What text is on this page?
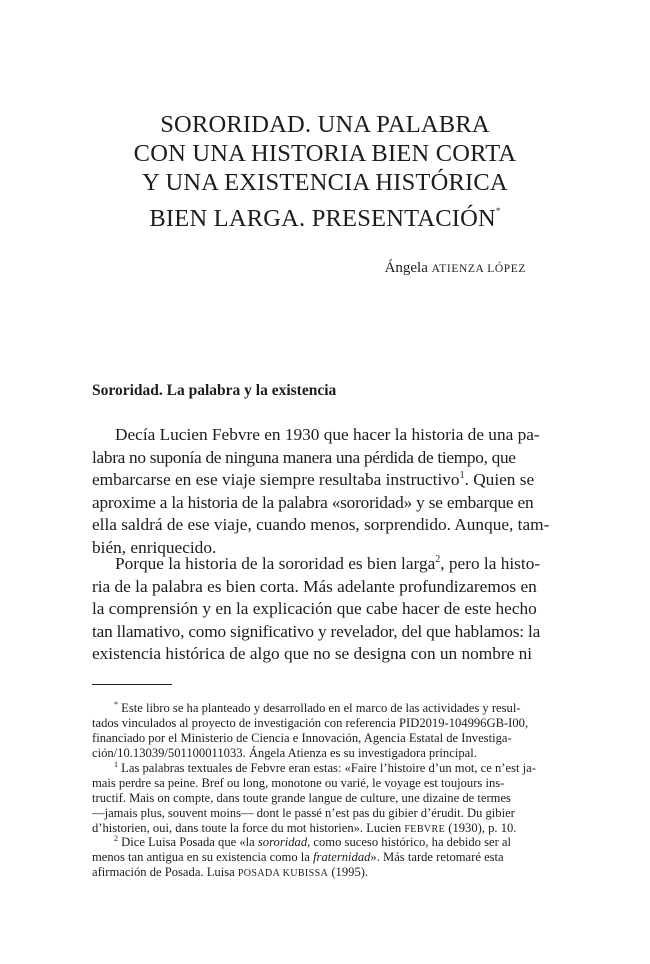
SORORIDAD. UNA PALABRA
CON UNA HISTORIA BIEN CORTA
Y UNA EXISTENCIA HISTÓRICA
BIEN LARGA. PRESENTACIÓN*
Ángela ATIENZA LÓPEZ
Sororidad. La palabra y la existencia
Decía Lucien Febvre en 1930 que hacer la historia de una pa-
labra no suponía de ninguna manera una pérdida de tiempo, que
embarcarse en ese viaje siempre resultaba instructivo$^1$. Quien se
aproxime a la historia de la palabra «sororidad» y se embarque en
ella saldrá de ese viaje, cuando menos, sorprendido. Aunque, tam-
bién, enriquecido.
Porque la historia de la sororidad es bien larga$^2$, pero la histo-
ria de la palabra es bien corta. Más adelante profundizaremos en
la comprensión y en la explicación que cabe hacer de este hecho
tan llamativo, como significativo y revelador, del que hablamos: la
existencia histórica de algo que no se designa con un nombre ni
* Este libro se ha planteado y desarrollado en el marco de las actividades y resul-
tados vinculados al proyecto de investigación con referencia PID2019-104996GB-I00,
financiado por el Ministerio de Ciencia e Innovación, Agencia Estatal de Investiga-
ción/10.13039/501100011033. Ángela Atienza es su investigadora principal.
$^1$ Las palabras textuales de Febvre eran estas: «Faire l’histoire d’un mot, ce n’est ja-
mais perdre sa peine. Bref ou long, monotone ou varié, le voyage est toujours ins-
tructif. Mais on compte, dans toute grande langue de culture, une dizaine de termes
—jamais plus, souvent moins— dont le passé n’est pas du gibier d’érudit. Du gibier
d’historien, oui, dans toute la force du mot historien». Lucien FEBVRE (1930), p. 10.
$^2$ Dice Luisa Posada que «la sororidad, como suceso histórico, ha debido ser al
menos tan antigua en su existencia como la fraternidad». Más tarde retomaré esta
afirmación de Posada. Luisa POSADA KUBISSA (1995).
